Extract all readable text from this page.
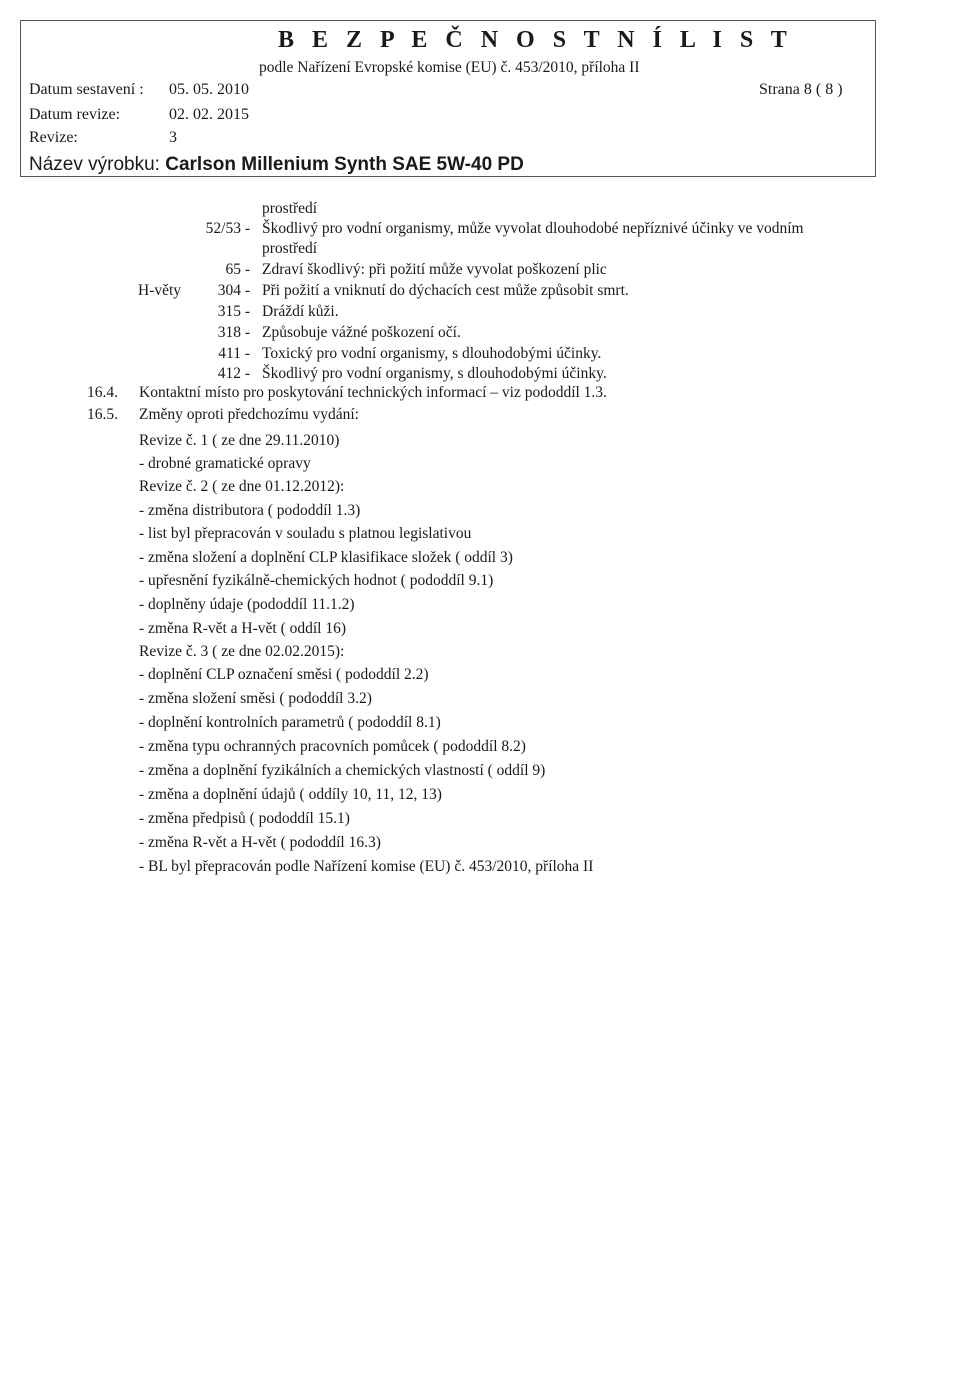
B E Z P E Č N O S T N Í L I S T
podle Nařízení Evropské komise (EU) č. 453/2010, příloha II
Datum sestavení : 05. 05. 2010
Datum revize:	02. 02. 2015
Revize:	3
Strana 8 ( 8 )
Název výrobku: Carlson Millenium Synth SAE 5W-40 PD
prostředí
52/53 - Škodlivý pro vodní organismy, může vyvolat dlouhodobé nepříznivé účinky ve vodním
prostředí
65 - Zdraví škodlivý: při požití může vyvolat poškození plic
H-věty	304 - Při požití a vniknutí do dýchacích cest může způsobit smrt.
315 - Dráždí kůži.
318 - Způsobuje vážné poškození očí.
411 - Toxický pro vodní organismy, s dlouhodobými účinky.
412 - Škodlivý pro vodní organismy, s dlouhodobými účinky.
16.4. Kontaktní místo pro poskytování technických informací – viz pododdíl 1.3.
16.5. Změny oproti předchozímu vydání:
Revize č. 1 ( ze dne 29.11.2010)
- drobné gramatické opravy
Revize č. 2 ( ze dne 01.12.2012):
- změna distributora ( pododdíl 1.3)
- list byl přepracován v souladu s platnou legislativou
- změna složení a doplnění CLP klasifikace složek ( oddíl 3)
- upřesnění fyzikálně-chemických hodnot ( pododdíl 9.1)
- doplněny údaje (pododdíl 11.1.2)
- změna R-vět a H-vět ( oddíl 16)
Revize č. 3 ( ze dne 02.02.2015):
- doplnění CLP označení směsi ( pododdíl 2.2)
- změna složení směsi ( pododdíl 3.2)
- doplnění kontrolních parametrů ( pododdíl 8.1)
- změna typu ochranných pracovních pomůcek ( pododdíl 8.2)
- změna a doplnění fyzikálních a chemických vlastností ( oddíl 9)
- změna a doplnění údajů ( oddíly 10, 11, 12, 13)
- změna předpisů ( pododdíl 15.1)
- změna R-vět a H-vět ( pododdíl 16.3)
- BL byl přepracován podle Nařízení komise (EU) č. 453/2010, příloha II
